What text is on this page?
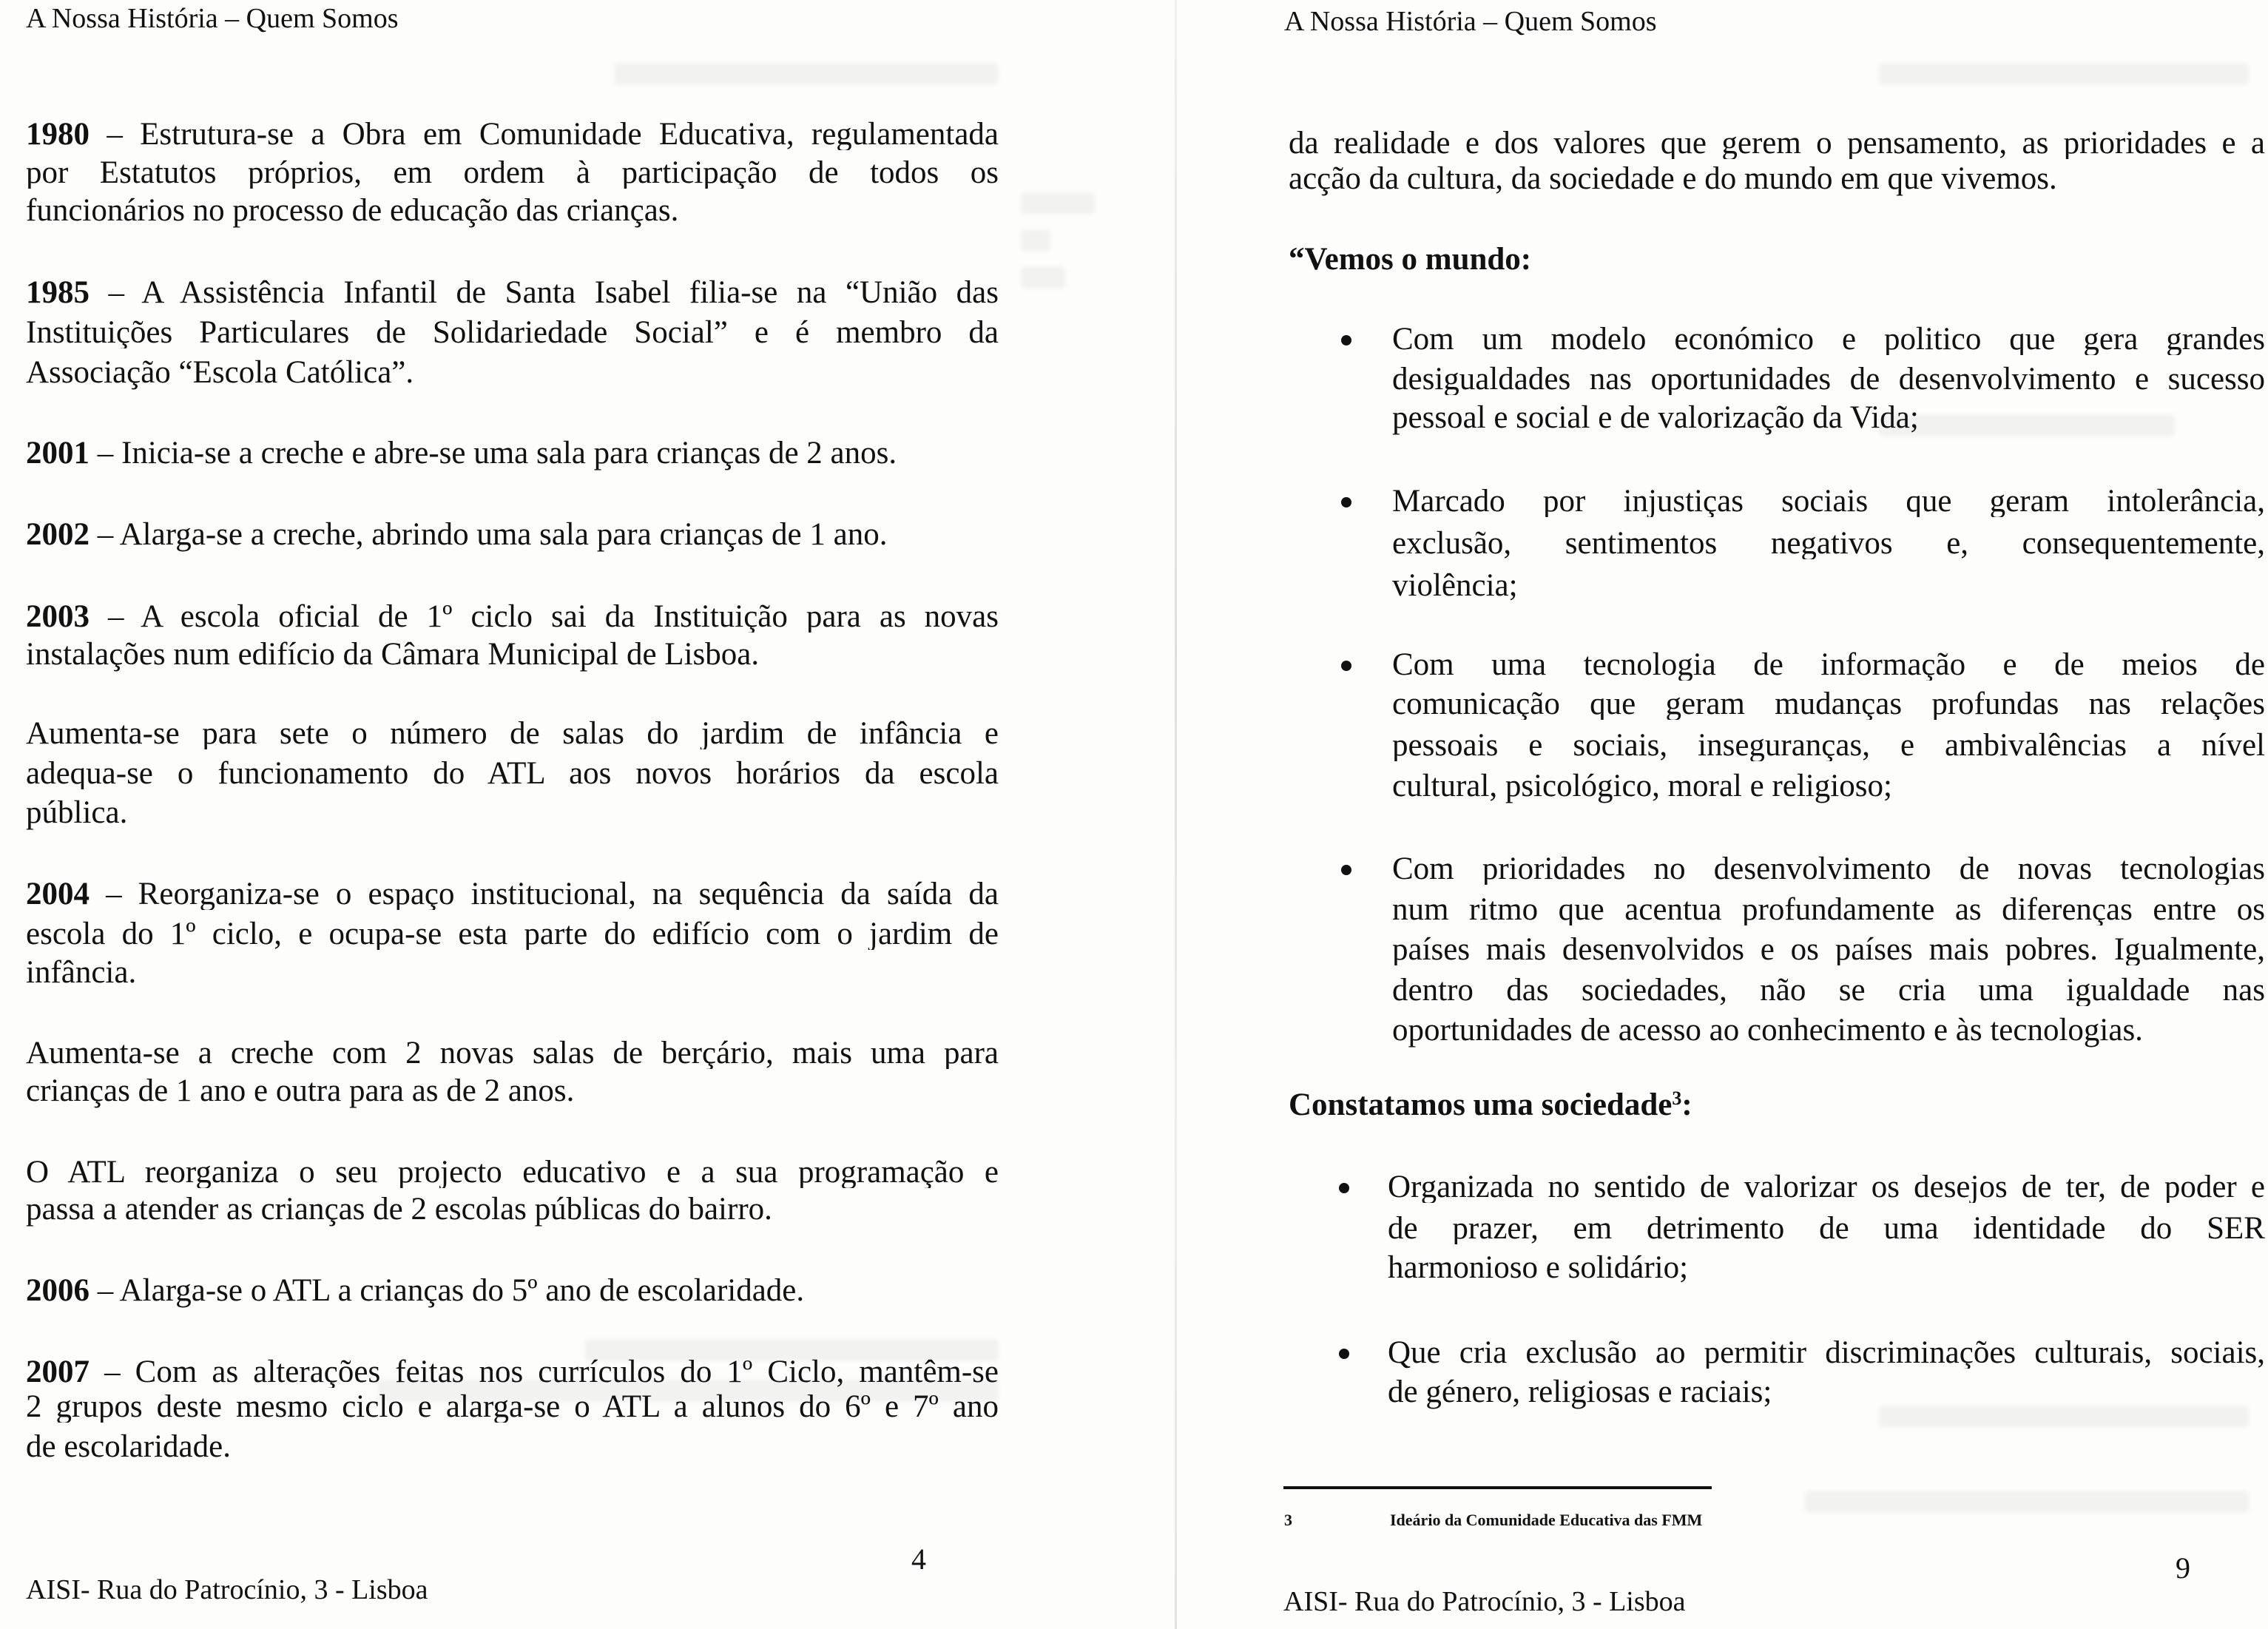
A Nossa História – Quem Somos
1980 – Estrutura-se a Obra em Comunidade Educativa, regulamentada
por Estatutos próprios, em ordem à participação de todos os
funcionários no processo de educação das crianças.
1985 – A Assistência Infantil de Santa Isabel filia-se na “União das
Instituições Particulares de Solidariedade Social” e é membro da
Associação “Escola Católica”.
2001 – Inicia-se a creche e abre-se uma sala para crianças de 2 anos.
2002 – Alarga-se a creche, abrindo uma sala para crianças de 1 ano.
2003 – A escola oficial de 1º ciclo sai da Instituição para as novas
instalações num edifício da Câmara Municipal de Lisboa.
Aumenta-se para sete o número de salas do jardim de infância e
adequa-se o funcionamento do ATL aos novos horários da escola
pública.
2004 – Reorganiza-se o espaço institucional, na sequência da saída da
escola do 1º ciclo, e ocupa-se esta parte do edifício com o jardim de
infância.
Aumenta-se a creche com 2 novas salas de berçário, mais uma para
crianças de 1 ano e outra para as de 2 anos.
O ATL reorganiza o seu projecto educativo e a sua programação e
passa a atender as crianças de 2 escolas públicas do bairro.
2006 – Alarga-se o ATL a crianças do 5º ano de escolaridade.
2007 – Com as alterações feitas nos currículos do 1º Ciclo, mantêm-se
2 grupos deste mesmo ciclo e alarga-se o ATL a alunos do 6º e 7º ano
de escolaridade.
4
AISI- Rua do Patrocínio, 3 - Lisboa
A Nossa História – Quem Somos
da realidade e dos valores que gerem o pensamento, as prioridades e a
acção da cultura, da sociedade e do mundo em que vivemos.
“Vemos o mundo:
Com um modelo económico e politico que gera grandes
desigualdades nas oportunidades de desenvolvimento e sucesso
pessoal e social e de valorização da Vida;
Marcado por injustiças sociais que geram intolerância,
exclusão, sentimentos negativos e, consequentemente,
violência;
Com uma tecnologia de informação e de meios de
comunicação que geram mudanças profundas nas relações
pessoais e sociais, inseguranças, e ambivalências a nível
cultural, psicológico, moral e religioso;
Com prioridades no desenvolvimento de novas tecnologias
num ritmo que acentua profundamente as diferenças entre os
países mais desenvolvidos e os países mais pobres. Igualmente,
dentro das sociedades, não se cria uma igualdade nas
oportunidades de acesso ao conhecimento e às tecnologias.
Constatamos uma sociedade$^3$:
Organizada no sentido de valorizar os desejos de ter, de poder e
de prazer, em detrimento de uma identidade do SER
harmonioso e solidário;
Que cria exclusão ao permitir discriminações culturais, sociais,
de género, religiosas e raciais;
3	Ideário da Comunidade Educativa das FMM
9
AISI- Rua do Patrocínio, 3 - Lisboa
